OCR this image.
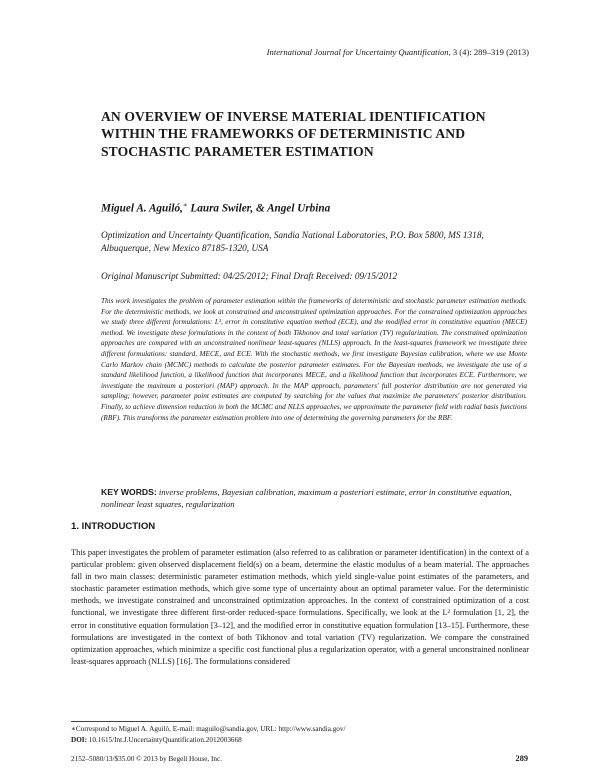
International Journal for Uncertainty Quantification, 3 (4): 289–319 (2013)
AN OVERVIEW OF INVERSE MATERIAL IDENTIFICATION WITHIN THE FRAMEWORKS OF DETERMINISTIC AND STOCHASTIC PARAMETER ESTIMATION
Miguel A. Aguiló,∗ Laura Swiler, & Angel Urbina
Optimization and Uncertainty Quantification, Sandia National Laboratories, P.O. Box 5800, MS 1318, Albuquerque, New Mexico 87185-1320, USA
Original Manuscript Submitted: 04/25/2012; Final Draft Received: 09/15/2012

This work investigates the problem of parameter estimation within the frameworks of deterministic and stochastic parameter estimation methods. For the deterministic methods, we look at constrained and unconstrained optimization approaches. For the constrained optimization approaches we study three different formulations: L², error in constitutive equation method (ECE), and the modified error in constitutive equation (MECE) method. We investigate these formulations in the context of both Tikhonov and total variation (TV) regularization. The constrained optimization approaches are compared with an unconstrained nonlinear least-squares (NLLS) approach. In the least-squares framework we investigate three different formulations: standard, MECE, and ECE. With the stochastic methods, we first investigate Bayesian calibration, where we use Monte Carlo Markov chain (MCMC) methods to calculate the posterior parameter estimates. For the Bayesian methods, we investigate the use of a standard likelihood function, a likelihood function that incorporates MECE, and a likelihood function that incorporates ECE. Furthermore, we investigate the maximum a posteriori (MAP) approach. In the MAP approach, parameters' full posterior distribution are not generated via sampling; however, parameter point estimates are computed by searching for the values that maximize the parameters' posterior distribution. Finally, to achieve dimension reduction in both the MCMC and NLLS approaches, we approximate the parameter field with radial basis functions (RBF). This transforms the parameter estimation problem into one of determining the governing parameters for the RBF.

KEY WORDS: inverse problems, Bayesian calibration, maximum a posteriori estimate, error in constitutive equation, nonlinear least squares, regularization
1. INTRODUCTION

This paper investigates the problem of parameter estimation (also referred to as calibration or parameter identification) in the context of a particular problem: given observed displacement field(s) on a beam, determine the elastic modulus of a beam material. The approaches fall in two main classes: deterministic parameter estimation methods, which yield single-value point estimates of the parameters, and stochastic parameter estimation methods, which give some type of uncertainty about an optimal parameter value. For the deterministic methods, we investigate constrained and unconstrained optimization approaches. In the context of constrained optimization of a cost functional, we investigate three different first-order reduced-space formulations. Specifically, we look at the L² formulation [1, 2], the error in constitutive equation formulation [3–12], and the modified error in constitutive equation formulation [13–15]. Furthermore, these formulations are investigated in the context of both Tikhonov and total variation (TV) regularization. We compare the constrained optimization approaches, which minimize a specific cost functional plus a regularization operator, with a general unconstrained nonlinear least-squares approach (NLLS) [16]. The formulations considered

∗Correspond to Miguel A. Aguiló, E-mail: maguilo@sandia.gov, URL: http://www.sandia.gov/
DOI: 10.1615/Int.J.UncertaintyQuantification.2012003668
2152–5080/13/$35.00 © 2013 by Begell House, Inc.	289
